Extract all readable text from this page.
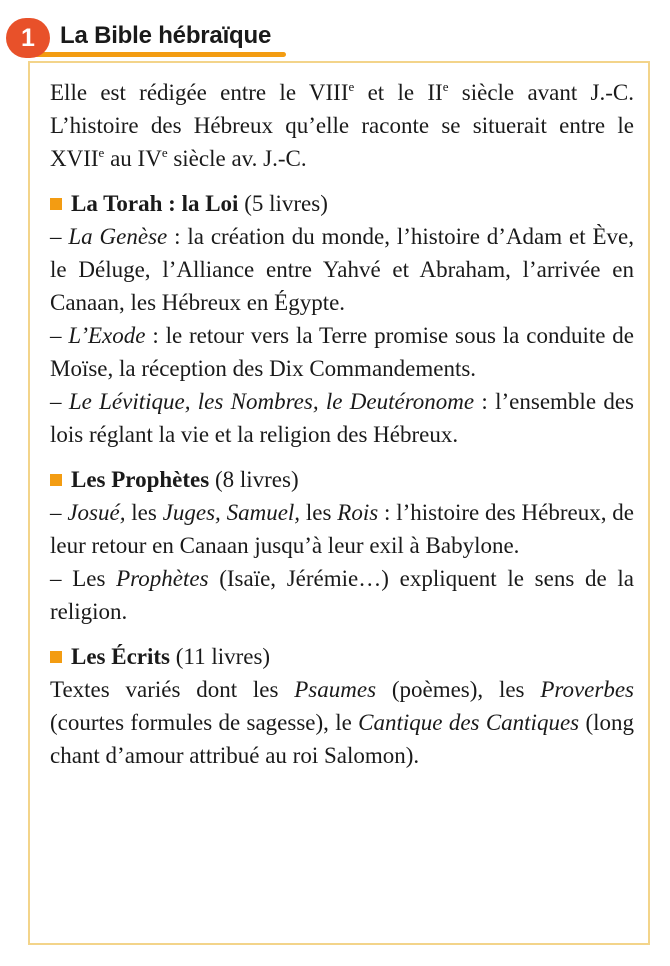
1	La Bible hébraïque

Elle est rédigée entre le VIIIe et le IIe siècle avant J.-C. L’histoire des Hébreux qu’elle raconte se situerait entre le XVIIe au IVe siècle av. J.-C.

La Torah : la Loi (5 livres)

– La Genèse : la création du monde, l’histoire d’Adam et Ève, le Déluge, l’Alliance entre Yahvé et Abraham, l’arrivée en Canaan, les Hébreux en Égypte.

– L’Exode : le retour vers la Terre promise sous la conduite de Moïse, la réception des Dix Commandements.

– Le Lévitique, les Nombres, le Deutéronome : l’ensemble des lois réglant la vie et la religion des Hébreux.

Les Prophètes (8 livres)

– Josué, les Juges, Samuel, les Rois : l’histoire des Hébreux, de leur retour en Canaan jusqu’à leur exil à Babylone.

– Les Prophètes (Isaïe, Jérémie…) expliquent le sens de la religion.

Les Écrits (11 livres)

Textes variés dont les Psaumes (poèmes), les Proverbes (courtes formules de sagesse), le Cantique des Cantiques (long chant d’amour attribué au roi Salomon).
